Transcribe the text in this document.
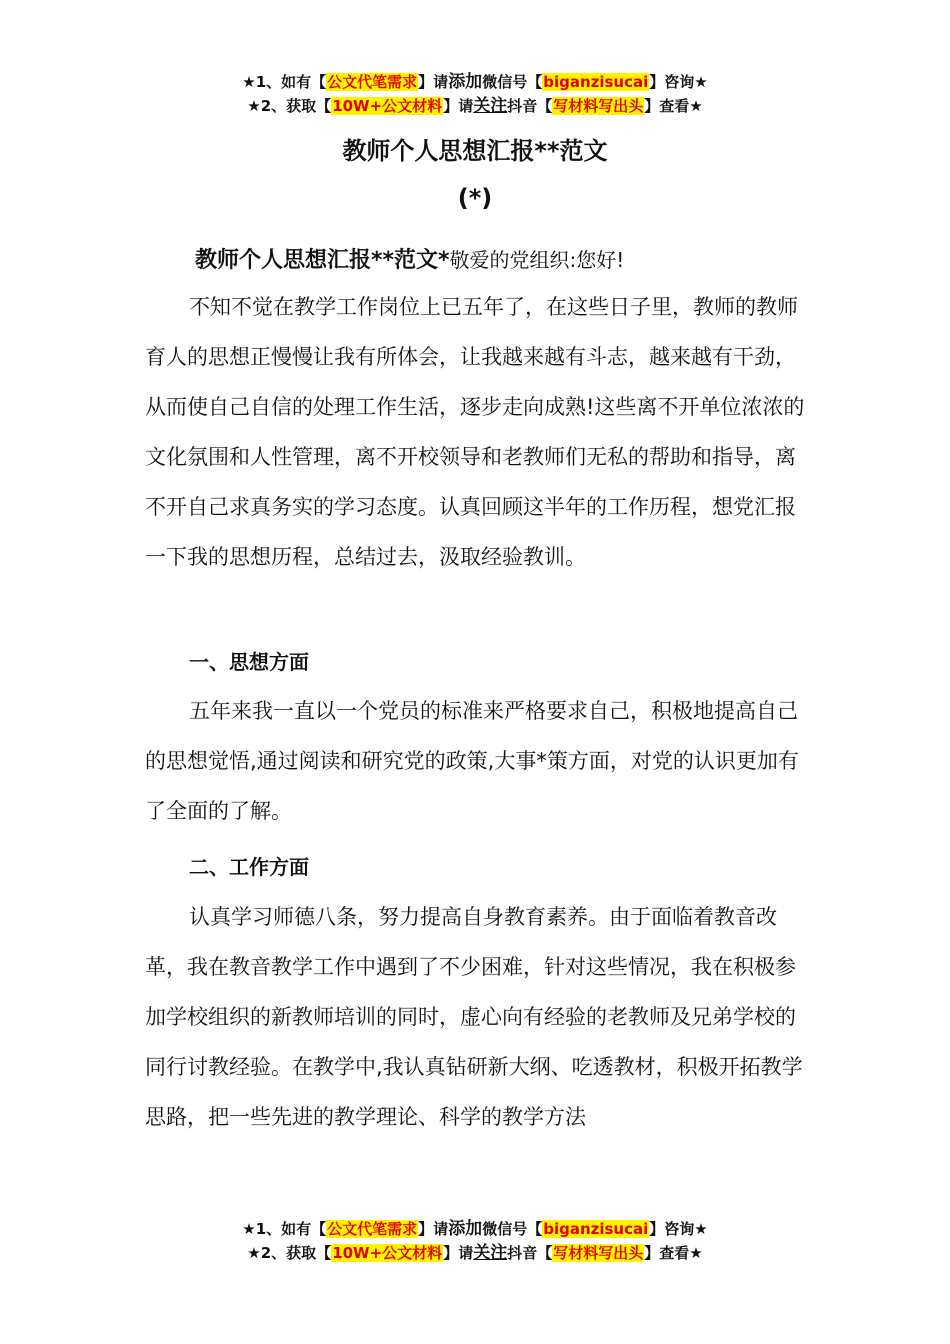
★1、如有【公文代笔需求】请添加微信号【biganzisucai】咨询★
★2、获取【10W+公文材料】请关注抖音【写材料写出头】查看★
教师个人思想汇报**范文
(*)
教师个人思想汇报**范文*敬爱的党组织:您好!

不知不觉在教学工作岗位上已五年了，在这些日子里，教师的教师育人的思想正慢慢让我有所体会，让我越来越有斗志，越来越有干劲，从而使自己自信的处理工作生活，逐步走向成熟!这些离不开单位浓浓的文化氛围和人性管理，离不开校领导和老教师们无私的帮助和指导，离不开自己求真务实的学习态度。认真回顾这半年的工作历程，想党汇报一下我的思想历程，总结过去，汲取经验教训。

一、思想方面

五年来我一直以一个党员的标准来严格要求自己，积极地提高自己的思想觉悟,通过阅读和研究党的政策,大事*策方面，对党的认识更加有了全面的了解。

二、工作方面

认真学习师德八条，努力提高自身教育素养。由于面临着教音改革，我在教音教学工作中遇到了不少困难，针对这些情况，我在积极参加学校组织的新教师培训的同时，虚心向有经验的老教师及兄弟学校的同行讨教经验。在教学中,我认真钻研新大纲、吃透教材，积极开拓教学思路，把一些先进的教学理论、科学的教学方法

★1、如有【公文代笔需求】请添加微信号【biganzisucai】咨询★
★2、获取【10W+公文材料】请关注抖音【写材料写出头】查看★
